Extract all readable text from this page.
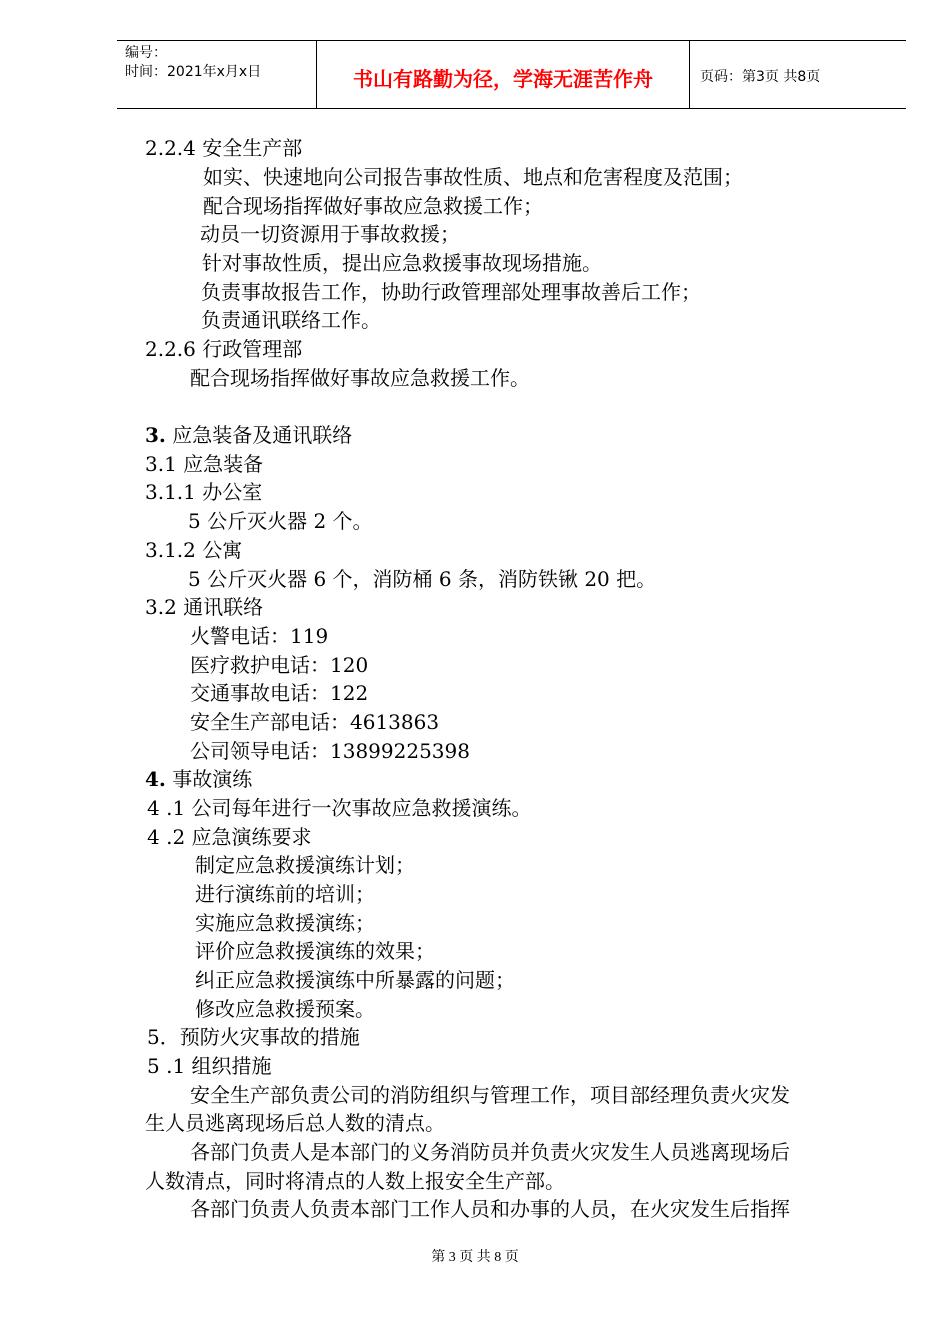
编号：
时间：2021年x月x日	书山有路勤为径，学海无涯苦作舟	页码：第3页 共8页
2.2.4 安全生产部
如实、快速地向公司报告事故性质、地点和危害程度及范围；
配合现场指挥做好事故应急救援工作；
动员一切资源用于事故救援；
针对事故性质，提出应急救援事故现场措施。
负责事故报告工作，协助行政管理部处理事故善后工作；
负责通讯联络工作。
2.2.6 行政管理部
配合现场指挥做好事故应急救援工作。
3. 应急装备及通讯联络
3.1 应急装备
3.1.1 办公室
5 公斤灭火器 2 个。
3.1.2 公寓
5 公斤灭火器 6 个，消防桶 6 条，消防铁锹 20 把。
3.2 通讯联络
火警电话：119
医疗救护电话：120
交通事故电话：122
安全生产部电话：4613863
公司领导电话：13899225398
4. 事故演练
4 .1 公司每年进行一次事故应急救援演练。
4 .2 应急演练要求
制定应急救援演练计划；
进行演练前的培训；
实施应急救援演练；
评价应急救援演练的效果；
纠正应急救援演练中所暴露的问题；
修改应急救援预案。
5．预防火灾事故的措施
5 .1 组织措施
安全生产部负责公司的消防组织与管理工作，项目部经理负责火灾发
生人员逃离现场后总人数的清点。
各部门负责人是本部门的义务消防员并负责火灾发生人员逃离现场后
人数清点，同时将清点的人数上报安全生产部。
各部门负责人负责本部门工作人员和办事的人员，在火灾发生后指挥
第 3 页 共 8 页
